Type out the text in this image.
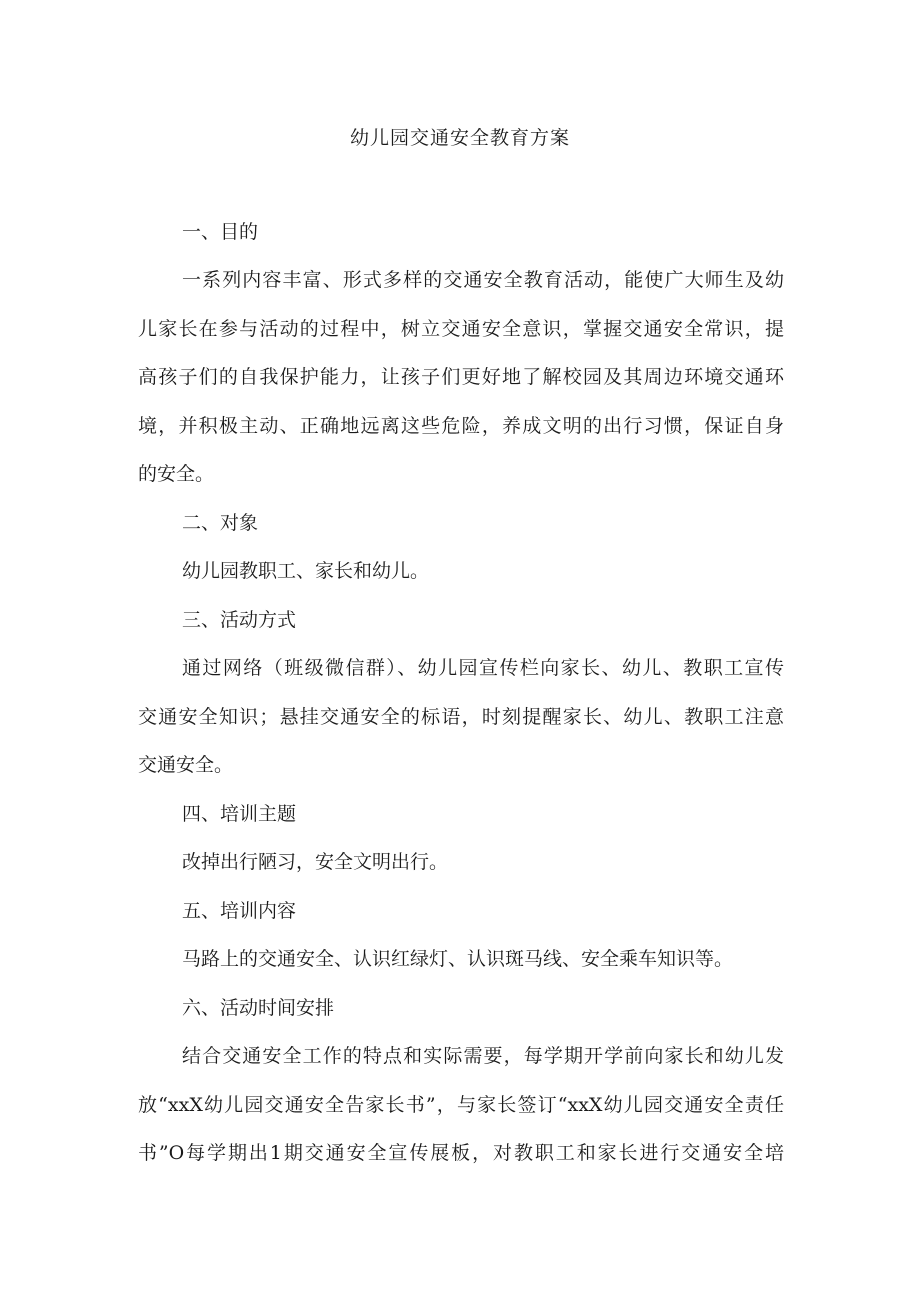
幼儿园交通安全教育方案
一、目的
一系列内容丰富、形式多样的交通安全教育活动，能使广大师生及幼
儿家长在参与活动的过程中，树立交通安全意识，掌握交通安全常识，提
高孩子们的自我保护能力，让孩子们更好地了解校园及其周边环境交通环
境，并积极主动、正确地远离这些危险，养成文明的出行习惯，保证自身
的安全。
二、对象
幼儿园教职工、家长和幼儿。
三、活动方式
通过网络（班级微信群）、幼儿园宣传栏向家长、幼儿、教职工宣传
交通安全知识；悬挂交通安全的标语，时刻提醒家长、幼儿、教职工注意
交通安全。
四、培训主题
改掉出行陋习，安全文明出行。
五、培训内容
马路上的交通安全、认识红绿灯、认识斑马线、安全乘车知识等。
六、活动时间安排
结合交通安全工作的特点和实际需要，每学期开学前向家长和幼儿发
放“xxX幼儿园交通安全告家长书”，与家长签订“xxX幼儿园交通安全责任
书”O每学期出1期交通安全宣传展板，对教职工和家长进行交通安全培
